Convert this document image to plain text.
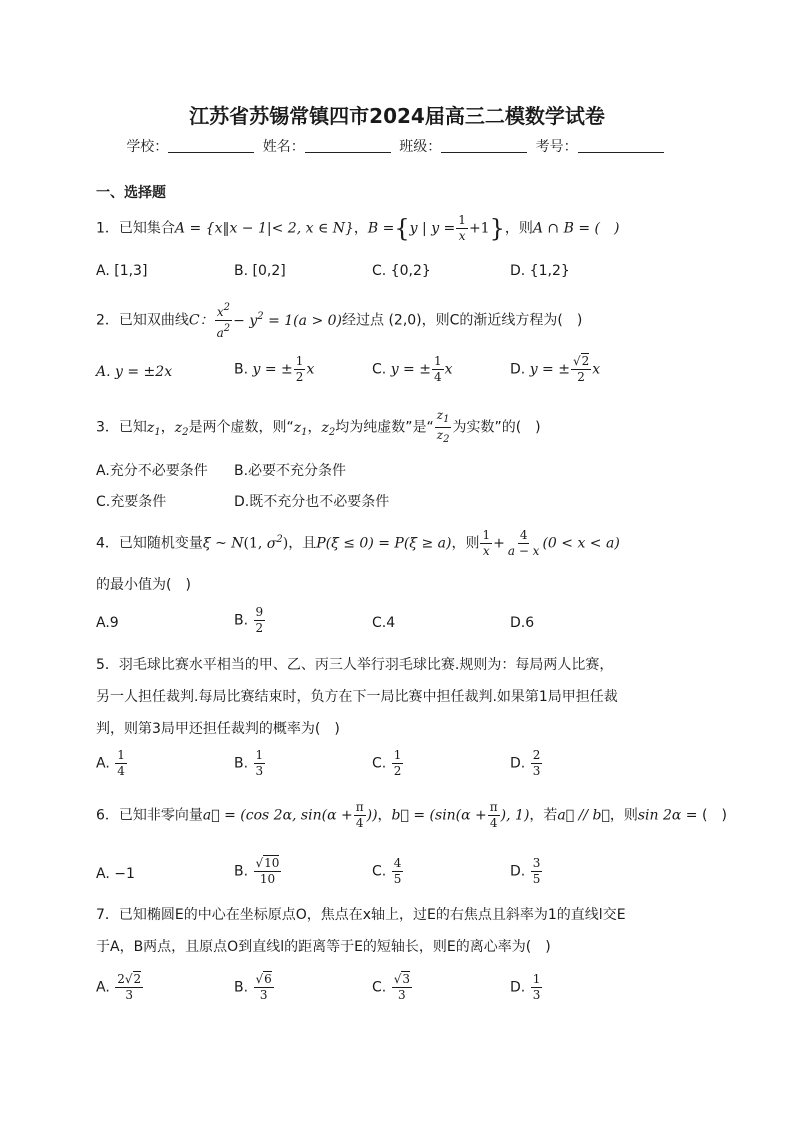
江苏省苏锡常镇四市2024届高三二模数学试卷
学校：	姓名：	班级：	考号：
一、选择题
1．已知集合A = {x‖x − 1|< 2, x ∈ N}，B ={y | $y = \frac{1}{x} +1$}，则A ∩ B = (　)
A. [1,3]	B. [0,2]	C. {0,2}	D. {1,2}
2．已知双曲线C： $\frac{x^2}{a^2} - y^2 = 1(a > 0)$经过点 (2,0)，则C的渐近线方程为(　)
A. y = ±2x	B. y = ± $\frac{1}{2}$ x	C. y = ± $\frac{1}{4}$ x	D. y = ± $\frac{√2}{2}$ x
3．已知$z_1$，$z_2$是两个虚数，则“$z_1$，$z_2$均为纯虚数”是“ $\frac{z_1}{z_2}$ 为实数”的(　)
A.充分不必要条件 B.必要不充分条件
C.充要条件	D.既不充分也不必要条件
4．已知随机变量ξ ~ N(1, $\sigma^2$)，且P(ξ ≤ 0) = P(ξ ≥ a)，则 $\frac{1}{x} + \frac{4}{a - x} (0 < x < a)$
的最小值为(　)
A.9	B. $\frac{9}{2}$	C.4	D.6
5．羽毛球比赛水平相当的甲、乙、丙三人举行羽毛球比赛.规则为：每局两人比赛，
另一人担任裁判.每局比赛结束时，负方在下一局比赛中担任裁判.如果第1局甲担任裁
判，则第3局甲还担任裁判的概率为(　)
A. $\frac{1}{4}$	B. $\frac{1}{3}$	C. $\frac{1}{2}$	D. $\frac{2}{3}$
6．已知非零向量a⃗ = (cos 2α, $\sin(\alpha + \frac{\pi}{4}$ ))，b⃗ = ($\sin(\alpha + \frac{\pi}{4}$ ), 1)，若a⃗ // b⃗，则sin 2α = (　)
A. −1	B. $\frac{√10}{10}$	C. $\frac{4}{5}$	D. $\frac{3}{5}$
7．已知椭圆E的中心在坐标原点O，焦点在x轴上，过E的右焦点且斜率为1的直线l交E
于A，B两点，且原点O到直线l的距离等于E的短轴长，则E的离心率为(　)
A. $\frac{2√2}{3}$	B. $\frac{√6}{3}$	C. $\frac{√3}{3}$	D. $\frac{1}{3}$
